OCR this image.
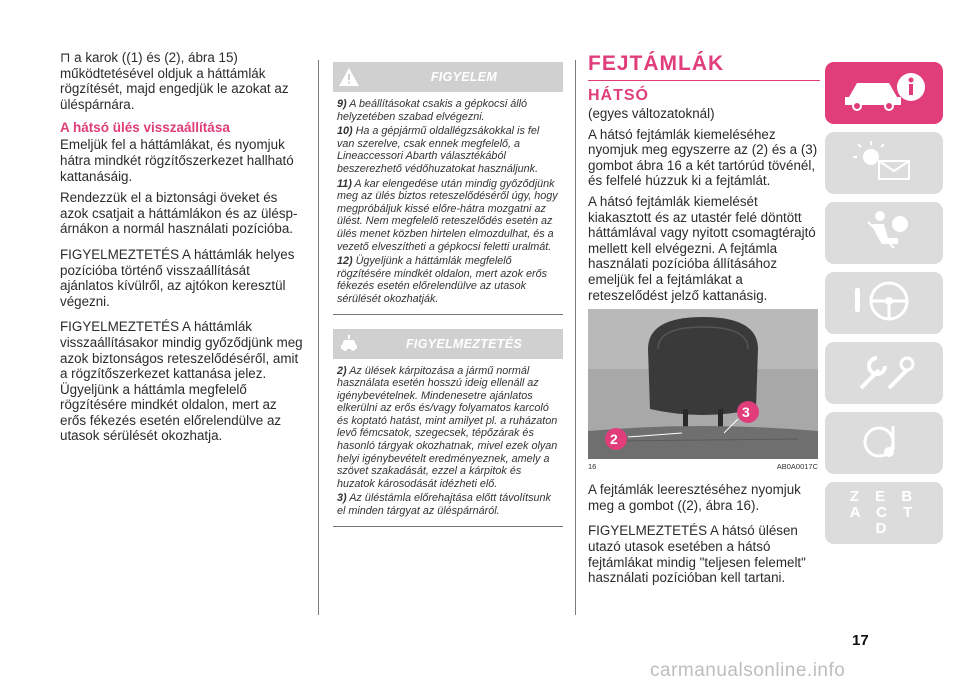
⊓ a karok ((1) és (2), ábra 15) működtetésével oldjuk a háttámlák rögzítését, majd engedjük le azokat az üléspárnára.
A hátsó ülés visszaállítása
Emeljük fel a háttámlákat, és nyomjuk hátra mindkét rögzítőszerkezet hallható kattanásáig.
Rendezzük el a biztonsági öveket és azok csatjait a háttámlákon és az üléspárnákon a normál használati pozícióba.
FIGYELMEZTETÉS A háttámlák helyes pozícióba történő visszaállítását ajánlatos kívülről, az ajtókon keresztül végezni.
FIGYELMEZTETÉS A háttámlák visszaállításakor mindig győződjünk meg azok biztonságos reteszelődéséről, amit a rögzítőszerkezet kattanása jelez. Ügyeljünk a háttámla megfelelő rögzítésére mindkét oldalon, mert az erős fékezés esetén előrelendülve az utasok sérülését okozhatja.
FIGYELEM
9) A beállításokat csakis a gépkocsi álló helyzetében szabad elvégezni.
10) Ha a gépjármű oldallégzsákokkal is fel van szerelve, csak ennek megfelelő, a Lineaccessori Abarth választékából beszerezhető védőhuzatokat használjunk.
11) A kar elengedése után mindig győződjünk meg az ülés biztos reteszelődéséről úgy, hogy megpróbáljuk kissé előre-hátra mozgatni az ülést. Nem megfelelő reteszelődés esetén az ülés menet közben hirtelen elmozdulhat, és a vezető elveszítheti a gépkocsi feletti uralmát.
12) Ügyeljünk a háttámlák megfelelő rögzítésére mindkét oldalon, mert azok erős fékezés esetén előrelendülve az utasok sérülését okozhatják.
FIGYELMEZTETÉS
2) Az ülések kárpitozása a jármű normál használata esetén hosszú ideig ellenáll az igénybevételnek. Mindenesetre ajánlatos elkerülni az erős és/vagy folyamatos karcoló és koptató hatást, mint amilyet pl. a ruházaton levő fémcsatok, szegecsek, tépőzárak és hasonló tárgyak okozhatnak, mivel ezek olyan helyi igénybevételt eredményeznek, amely a szövet szakadását, ezzel a kárpitok és huzatok károsodását idézheti elő.
3) Az üléstámla előrehajtása előtt távolítsunk el minden tárgyat az üléspárnáról.
FEJTÁMLÁK
HÁTSÓ
(egyes változatoknál)
A hátsó fejtámlák kiemeléséhez nyomjuk meg egyszerre az (2) és a (3) gombot ábra 16 a két tartórúd tövénél, és felfelé húzzuk ki a fejtámlát.
A hátsó fejtámlák kiemelését kiakasztott és az utastér felé döntött háttámlával vagy nyitott csomagtérajtó mellett kell elvégezni. A fejtámla használati pozícióba állításához emeljük fel a fejtámlákat a reteszelődést jelző kattanásig.
2
3
16	AB0A0017C
A fejtámlák leeresztéséhez nyomjuk meg a gombot ((2), ábra 16).
FIGYELMEZTETÉS A hátsó ülésen utazó utasok esetében a hátsó fejtámlákat mindig "teljesen felemelt" használati pozícióban kell tartani.
Z E B A C T D
17
carmanualsonline.info
